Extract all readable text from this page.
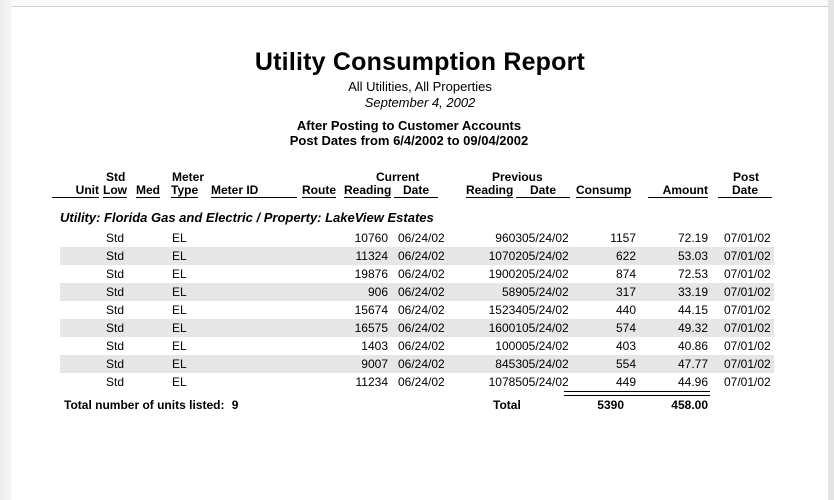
Utility Consumption Report
All Utilities, All Properties
September 4, 2002
After Posting to Customer Accounts
Post Dates from 6/4/2002 to 09/04/2002
Std	Meter	Current	Previous	Post
Unit Low Med Type Meter ID	Route Reading Date	Reading	Date	Consump	Amount	Date
Utility: Florida Gas and Electric / Property: LakeView Estates
Std	EL	10760 06/24/02	9603 05/24/02	1157	72.19 07/01/02
Std	EL	11324 06/24/02	10702 05/24/02	622	53.03 07/01/02
Std	EL	19876 06/24/02	19002 05/24/02	874	72.53 07/01/02
Std	EL	906 06/24/02	589 05/24/02	317	33.19 07/01/02
Std	EL	15674 06/24/02	15234 05/24/02	440	44.15 07/01/02
Std	EL	16575 06/24/02	16001 05/24/02	574	49.32 07/01/02
Std	EL	1403 06/24/02	1000 05/24/02	403	40.86 07/01/02
Std	EL	9007 06/24/02	8453 05/24/02	554	47.77 07/01/02
Std	EL	11234 06/24/02	10785 05/24/02	449	44.96 07/01/02
Total number of units listed: 9	Total	5390	458.00
